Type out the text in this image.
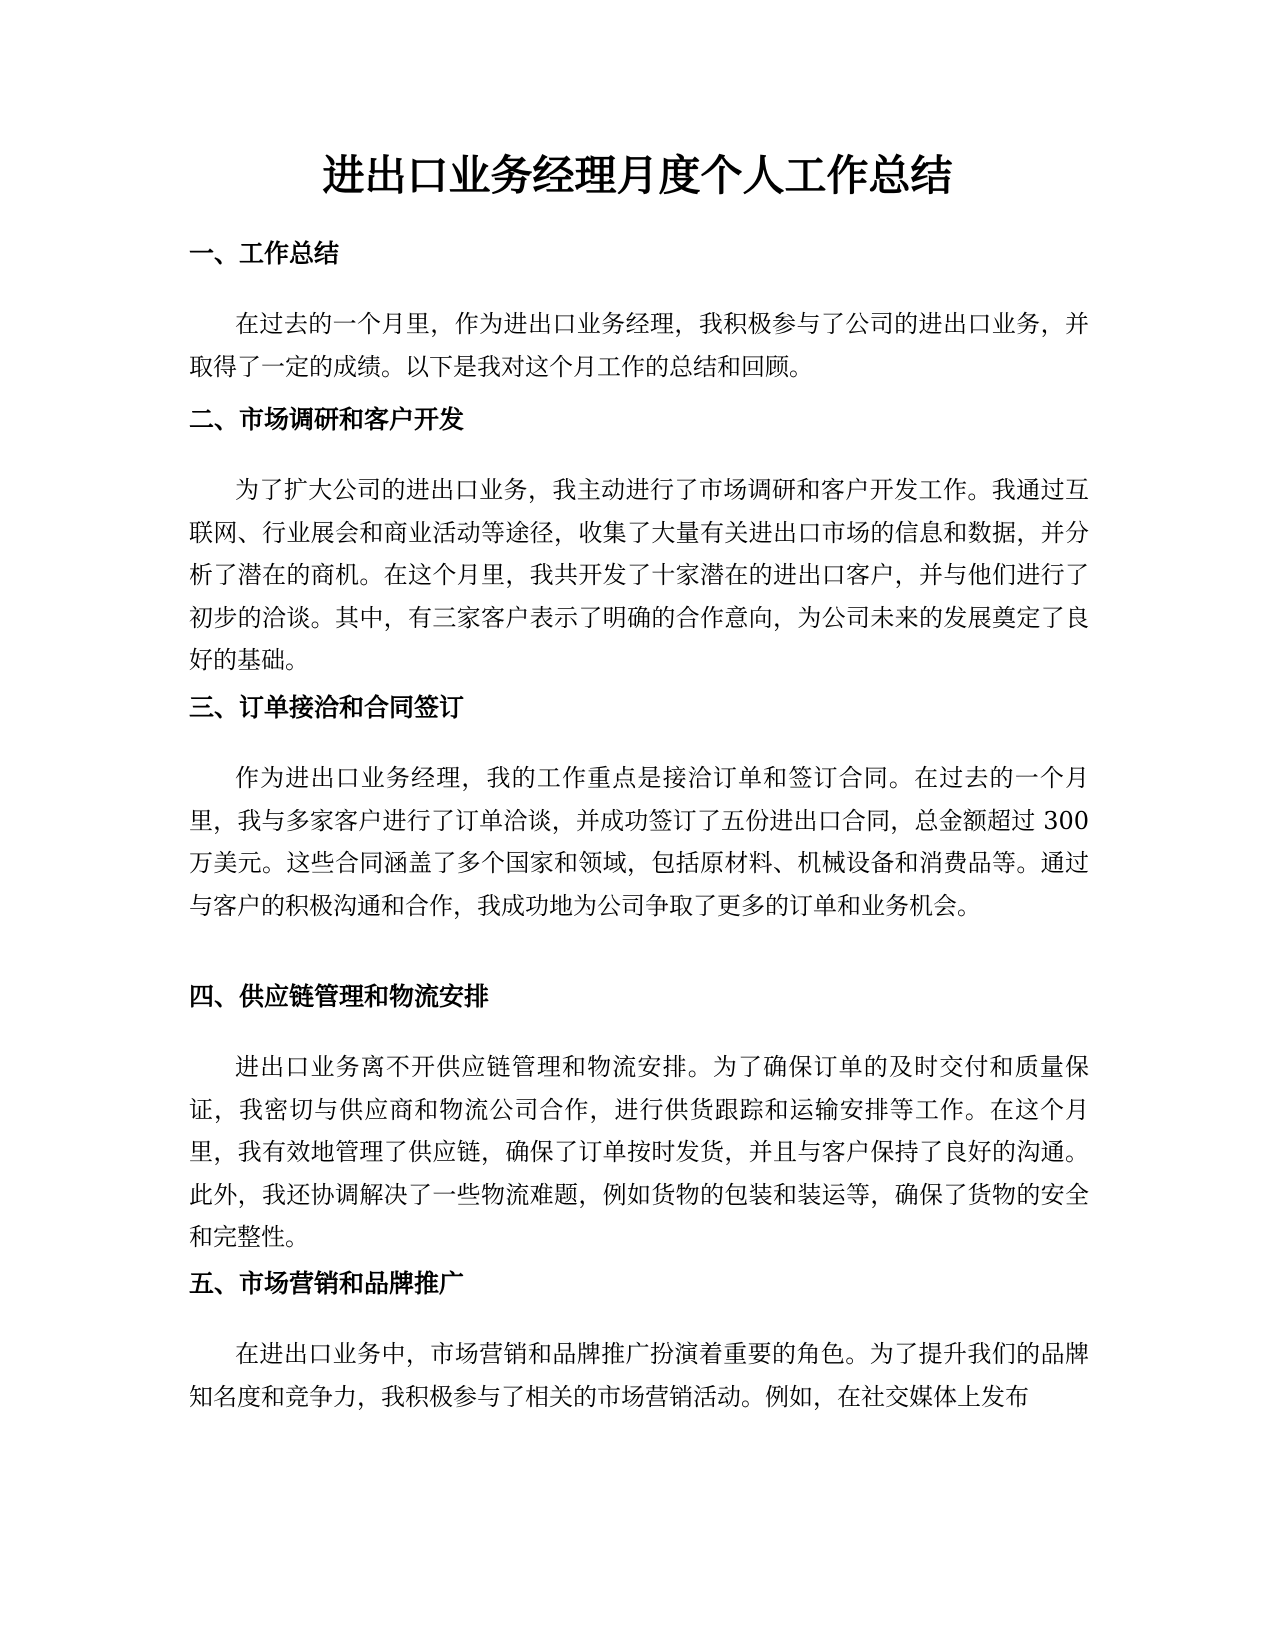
进出口业务经理月度个人工作总结
一、工作总结

在过去的一个月里，作为进出口业务经理，我积极参与了公司的进出口业务，并取得了一定的成绩。以下是我对这个月工作的总结和回顾。

二、市场调研和客户开发

为了扩大公司的进出口业务，我主动进行了市场调研和客户开发工作。我通过互联网、行业展会和商业活动等途径，收集了大量有关进出口市场的信息和数据，并分析了潜在的商机。在这个月里，我共开发了十家潜在的进出口客户，并与他们进行了初步的洽谈。其中，有三家客户表示了明确的合作意向，为公司未来的发展奠定了良好的基础。

三、订单接洽和合同签订

作为进出口业务经理，我的工作重点是接洽订单和签订合同。在过去的一个月里，我与多家客户进行了订单洽谈，并成功签订了五份进出口合同，总金额超过 300 万美元。这些合同涵盖了多个国家和领域，包括原材料、机械设备和消费品等。通过与客户的积极沟通和合作，我成功地为公司争取了更多的订单和业务机会。

四、供应链管理和物流安排

进出口业务离不开供应链管理和物流安排。为了确保订单的及时交付和质量保证，我密切与供应商和物流公司合作，进行供货跟踪和运输安排等工作。在这个月里，我有效地管理了供应链，确保了订单按时发货，并且与客户保持了良好的沟通。此外，我还协调解决了一些物流难题，例如货物的包装和装运等，确保了货物的安全和完整性。

五、市场营销和品牌推广

在进出口业务中，市场营销和品牌推广扮演着重要的角色。为了提升我们的品牌知名度和竞争力，我积极参与了相关的市场营销活动。例如，在社交媒体上发布
